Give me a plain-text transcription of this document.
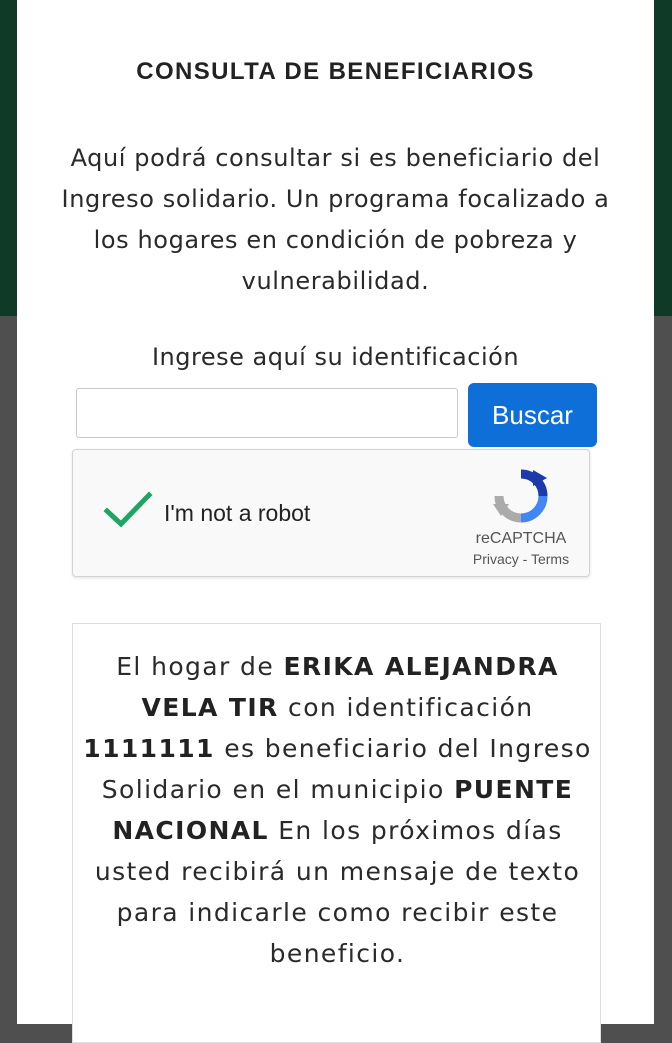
CONSULTA DE BENEFICIARIOS
Aquí podrá consultar si es beneficiario del Ingreso solidario. Un programa focalizado a los hogares en condición de pobreza y vulnerabilidad.
Ingrese aquí su identificación
Buscar
I'm not a robot
reCAPTCHA
Privacy - Terms
El hogar de ERIKA ALEJANDRA VELA TIR con identificación 1111111 es beneficiario del Ingreso Solidario en el municipio PUENTE NACIONAL En los próximos días usted recibirá un mensaje de texto para indicarle como recibir este beneficio.
